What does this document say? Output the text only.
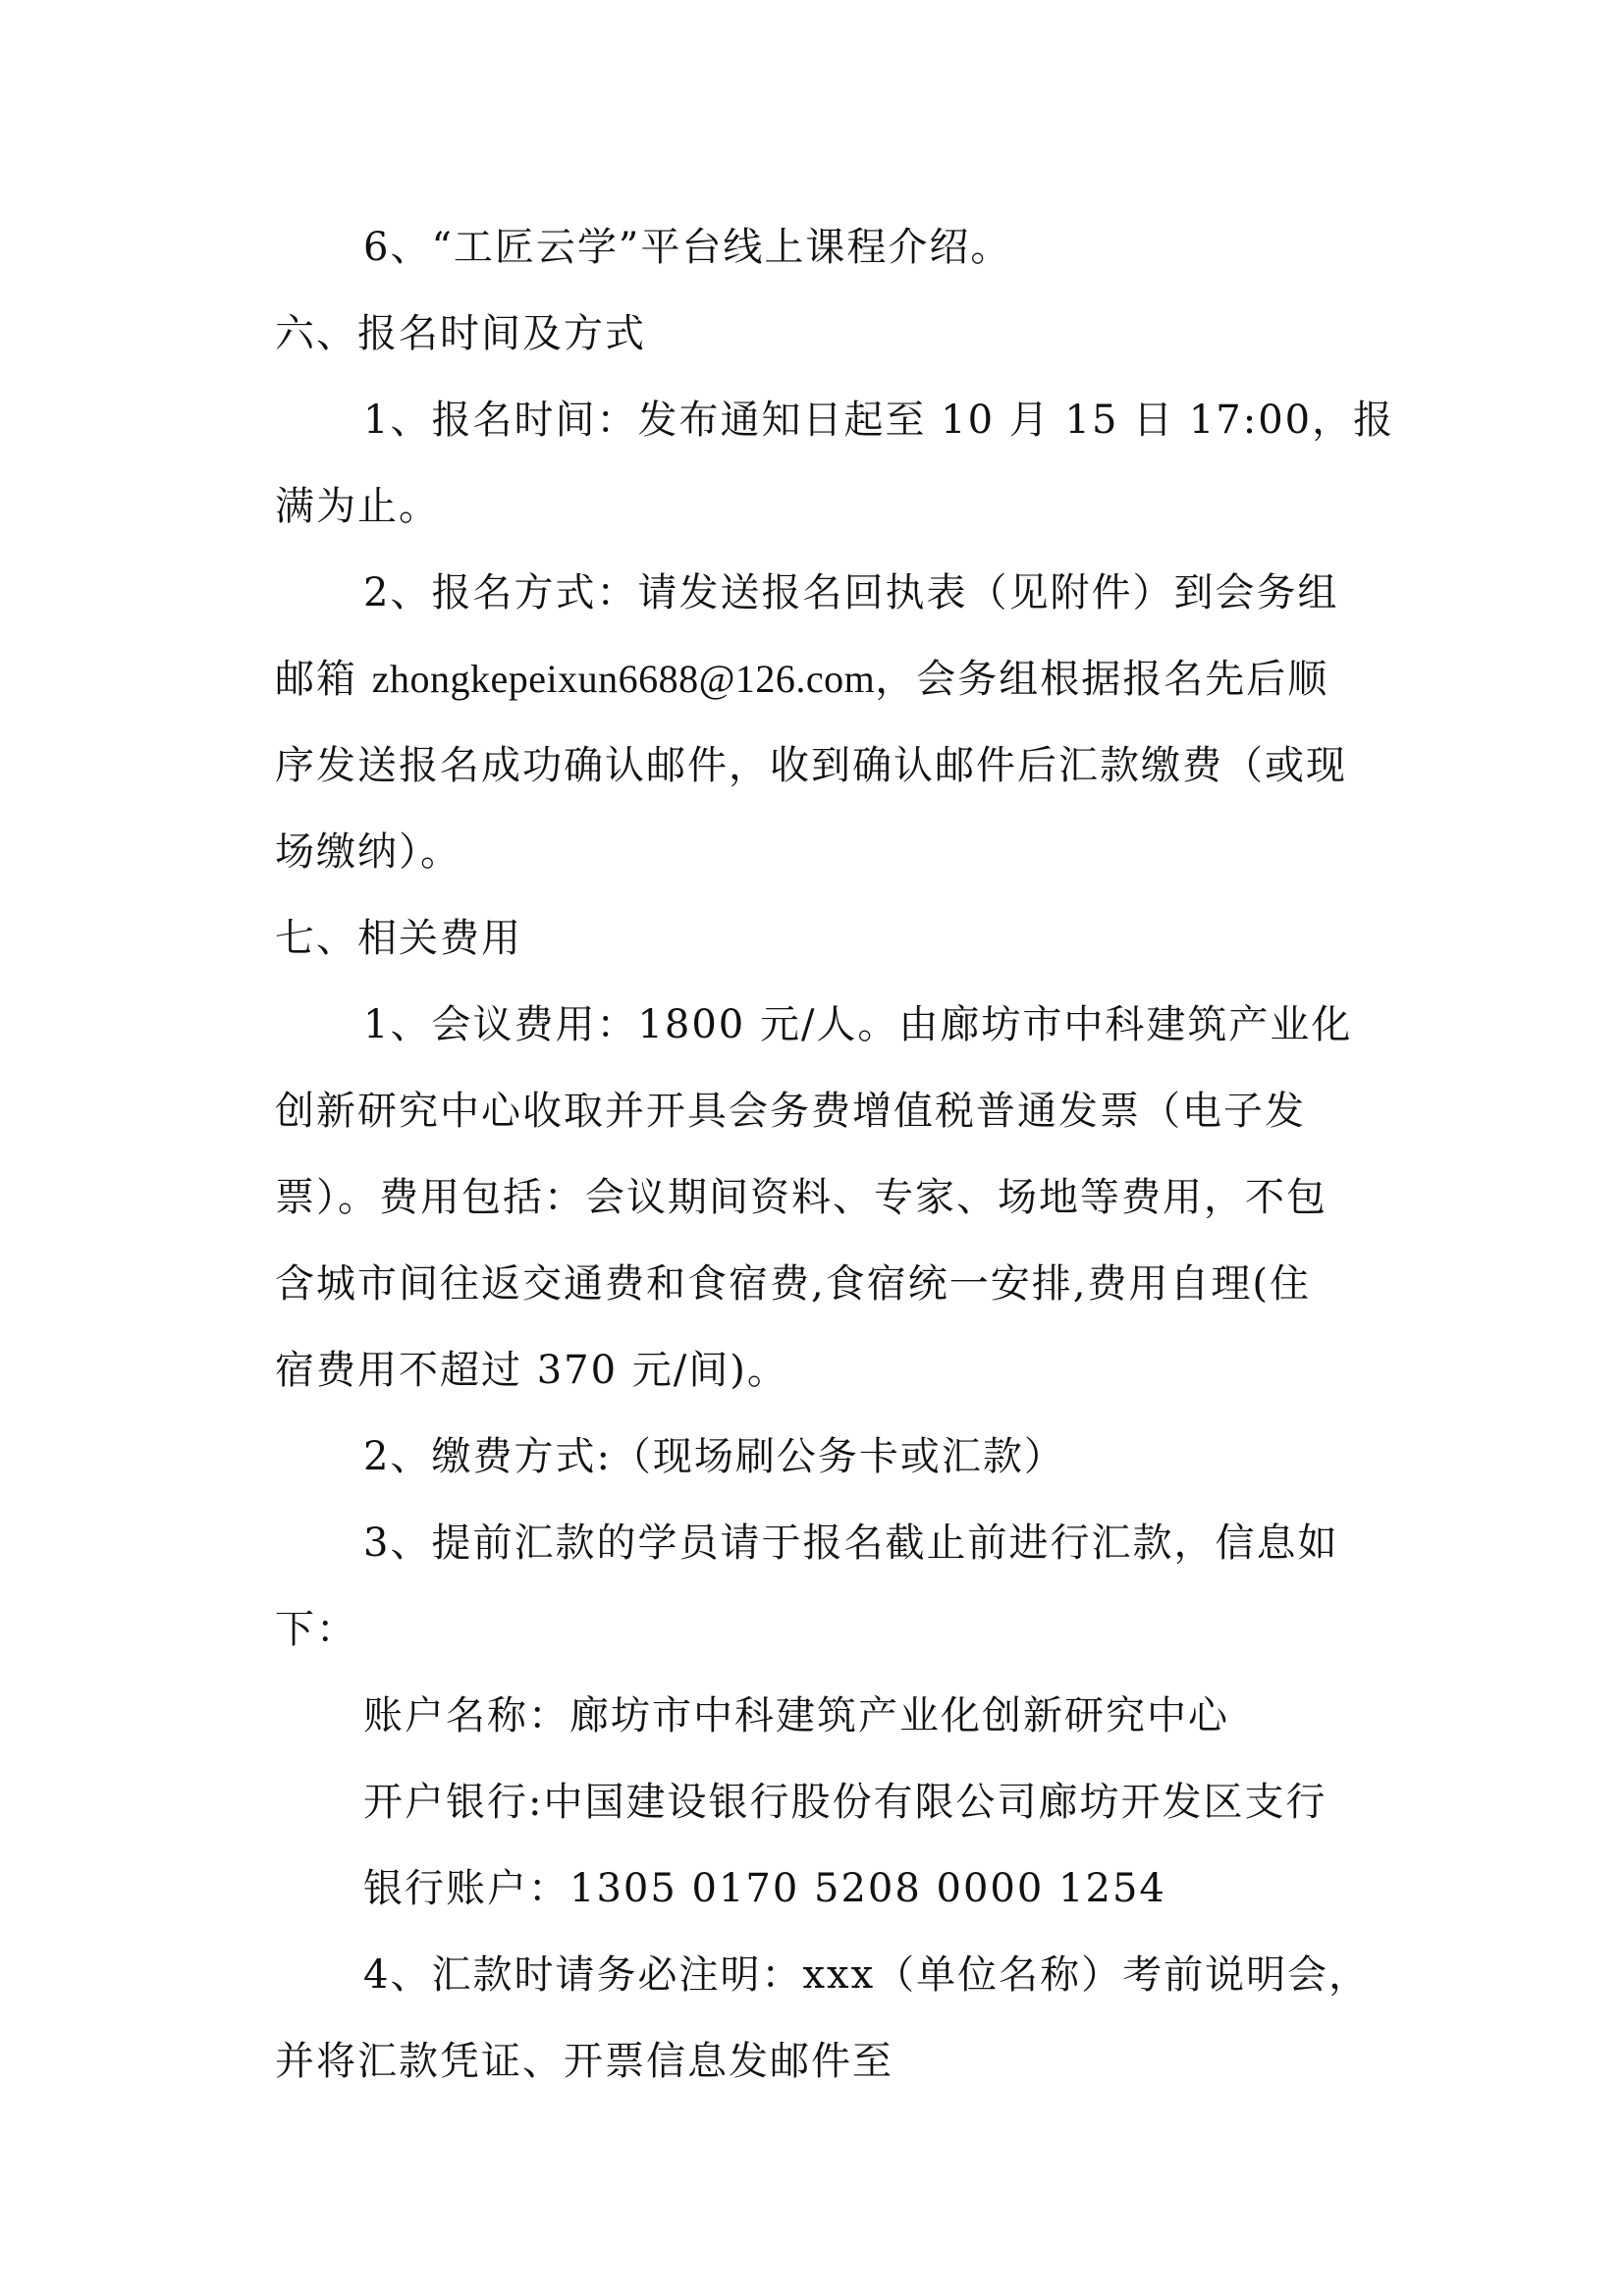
6、“工匠云学”平台线上课程介绍。
六、报名时间及方式
1、报名时间：发布通知日起至 10 月 15 日 17:00，报
满为止。
2、报名方式：请发送报名回执表（见附件）到会务组
邮箱 zhongkepeixun6688@126.com，会务组根据报名先后顺
序发送报名成功确认邮件，收到确认邮件后汇款缴费（或现
场缴纳）。
七、相关费用
1、会议费用：1800 元/人。由廊坊市中科建筑产业化
创新研究中心收取并开具会务费增值税普通发票（电子发
票）。费用包括：会议期间资料、专家、场地等费用，不包
含城市间往返交通费和食宿费,食宿统一安排,费用自理(住
宿费用不超过 370 元/间)。
2、缴费方式:（现场刷公务卡或汇款）
3、提前汇款的学员请于报名截止前进行汇款，信息如
下：
账户名称：廊坊市中科建筑产业化创新研究中心
开户银行:中国建设银行股份有限公司廊坊开发区支行
银行账户：1305 0170 5208 0000 1254
4、汇款时请务必注明：xxx（单位名称）考前说明会，
并将汇款凭证、开票信息发邮件至
